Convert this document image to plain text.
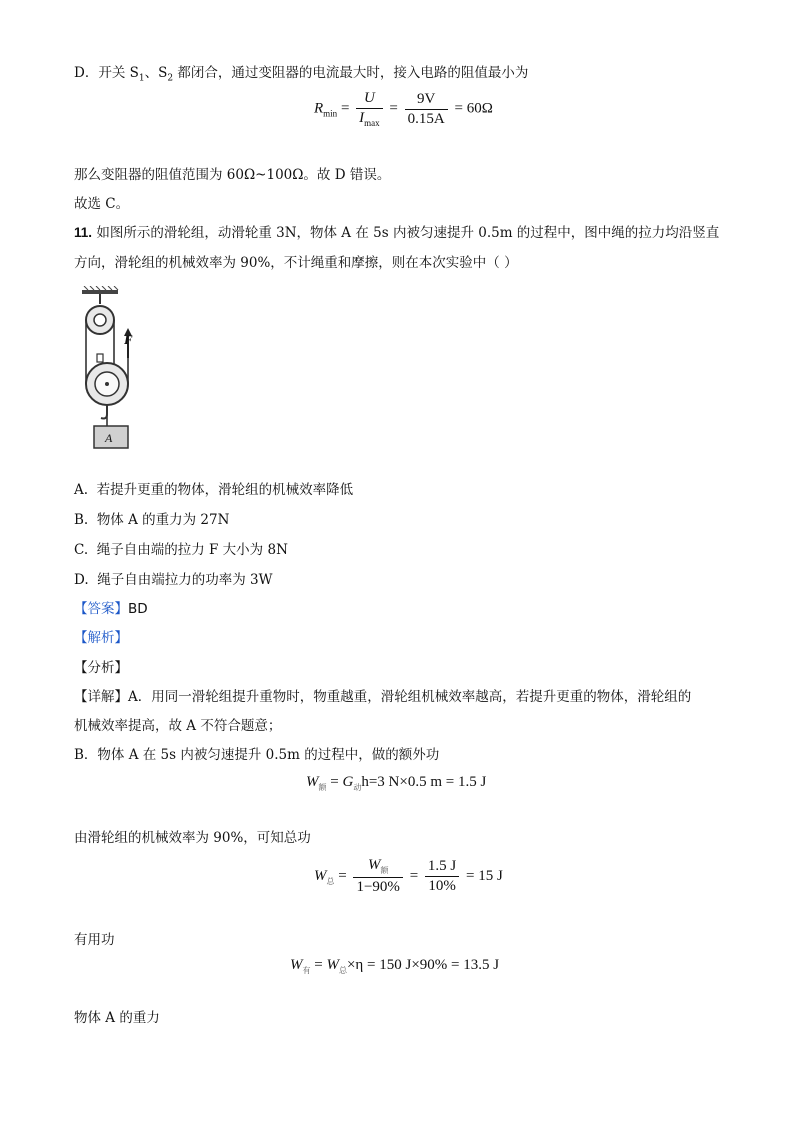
D．开关 $S_1$、$S_2$ 都闭合，通过变阻器的电流最大时，接入电路的阻值最小为
$R_{min} = \frac{U}{I_{max}} = \frac{9V}{0.15A} = 60\Omega$
那么变阻器的阻值范围为 60Ω~100Ω。故 D 错误。
故选 C。
11. 如图所示的滑轮组，动滑轮重 3N，物体 A 在 5s 内被匀速提升 0.5m 的过程中，图中绳的拉力均沿竖直
方向，滑轮组的机械效率为 90%，不计绳重和摩擦，则在本次实验中（ ）
F
A
A. 若提升更重的物体，滑轮组的机械效率降低
B. 物体 A 的重力为 27N
C. 绳子自由端的拉力 F 大小为 8N
D. 绳子自由端拉力的功率为 3W
【答案】BD
【解析】
【分析】
【详解】A．用同一滑轮组提升重物时，物重越重，滑轮组机械效率越高，若提升更重的物体，滑轮组的
机械效率提高，故 A 不符合题意；
B．物体 A 在 5s 内被匀速提升 0.5m 的过程中，做的额外功
$W_额 = G_动h=3$ N×0.5 m = 1.5 J
由滑轮组的机械效率为 90%，可知总功
$W_总 = \frac{W_额}{1-90\%} = \frac{1.5 J}{10\%} = 15$ J
有用功
$W_有 = W_总\times\eta = 150$ J×90% = 13.5 J
物体 A 的重力
